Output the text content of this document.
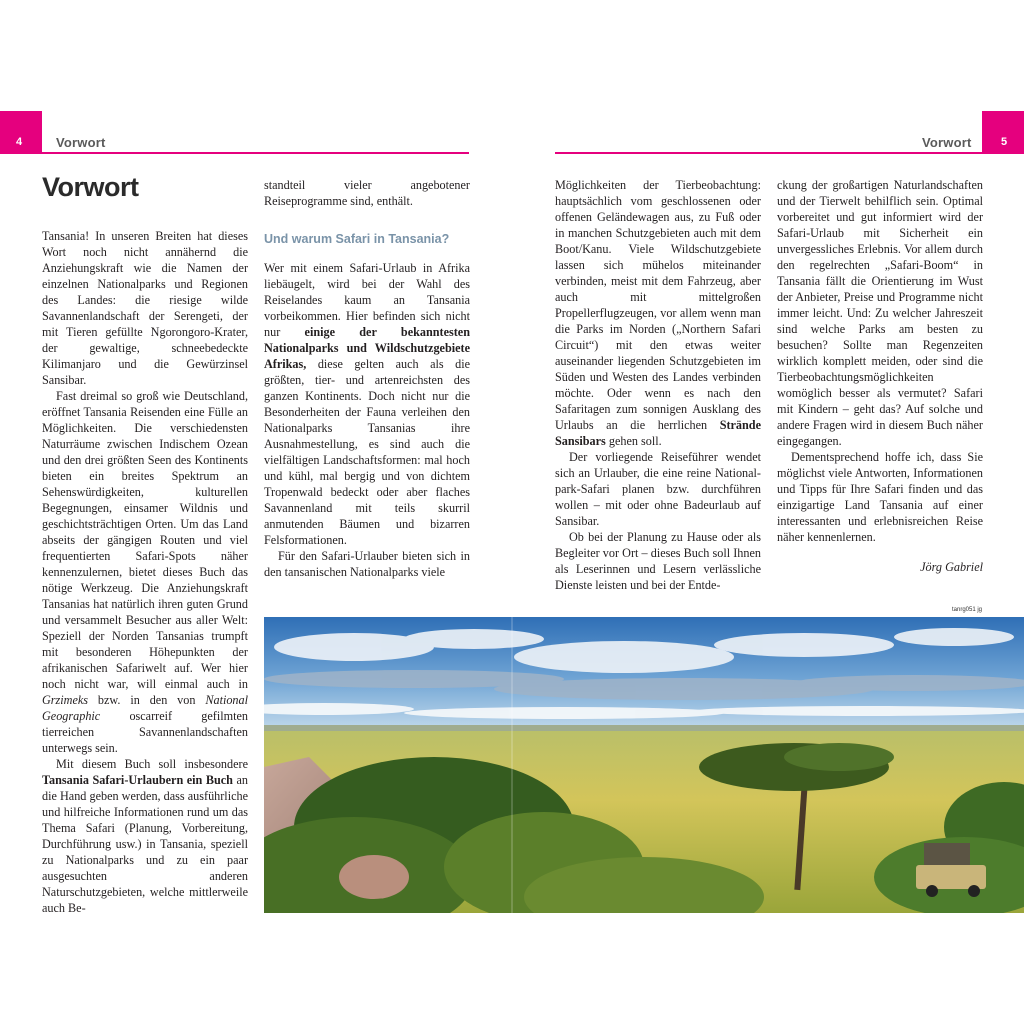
4	5
Vorwort	Vorwort
Vorwort

Tansania! In unseren Breiten hat dieses Wort noch nicht annähernd die Anziehungskraft wie die Namen der einzelnen Nationalparks und Regionen des Landes: die riesige wilde Savannenlandschaft der Serengeti, der mit Tieren gefüllte Ngorongoro-Krater, der gewaltige, schneebedeckte Kilimanjaro und die Gewürzinsel Sansibar.

Fast dreimal so groß wie Deutschland, eröffnet Tansania Reisenden eine Fülle an Möglichkeiten. Die verschiedensten Naturräume zwischen Indischem Ozean und den drei größten Seen des Kontinents bieten ein breites Spektrum an Sehenswürdigkeiten, kulturellen Begegnungen, einsamer Wildnis und geschichtsträchtigen Orten. Um das Land abseits der gängigen Routen und viel frequentierten Safari-Spots näher kennenzulernen, bietet dieses Buch das nötige Werkzeug. Die Anziehungskraft Tansanias hat natürlich ihren guten Grund und versammelt Besucher aus aller Welt: Speziell der Norden Tansanias trumpft mit besonderen Höhepunkten der afrikanischen Safariwelt auf. Wer hier noch nicht war, will einmal auch in Grzimeks bzw. in den von National Geographic oscarreif gefilmten tierreichen Savannenlandschaften unterwegs sein.

Mit diesem Buch soll insbesondere Tansania Safari-Urlaubern ein Buch an die Hand geben werden, dass ausführliche und hilfreiche Informationen rund um das Thema Safari (Planung, Vorbereitung, Durchführung usw.) in Tansania, speziell zu Nationalparks und zu ein paar ausgesuchten anderen Naturschutzgebieten, welche mittlerweile auch Be-

standteil vieler angebotener Reiseprogramme sind, enthält.

Und warum Safari in Tansania?

Wer mit einem Safari-Urlaub in Afrika liebäugelt, wird bei der Wahl des Reiselandes kaum an Tansania vorbeikommen. Hier befinden sich nicht nur einige der bekanntesten Nationalparks und Wildschutzgebiete Afrikas, diese gelten auch als die größten, tier- und artenreichsten des ganzen Kontinents. Doch nicht nur die Besonderheiten der Fauna verleihen den Nationalparks Tansanias ihre Ausnahmestellung, es sind auch die vielfältigen Landschaftsformen: mal hoch und kühl, mal bergig und von dichtem Tropenwald bedeckt oder aber flaches Savannenland mit teils skurril anmutenden Bäumen und bizarren Felsformationen.

Für den Safari-Urlauber bieten sich in den tansanischen Nationalparks viele

Möglichkeiten der Tierbeobachtung: hauptsächlich vom geschlossenen oder offenen Geländewagen aus, zu Fuß oder in manchen Schutzgebieten auch mit dem Boot/Kanu. Viele Wildschutzgebiete lassen sich mühelos miteinander verbinden, meist mit dem Fahrzeug, aber auch mit mittelgroßen Propellerflugzeugen, vor allem wenn man die Parks im Norden („Northern Safari Circuit“) mit den etwas weiter auseinander liegenden Schutzgebieten im Süden und Westen des Landes verbinden möchte. Oder wenn es nach den Safaritagen zum sonnigen Ausklang des Urlaubs an die herrlichen Strände Sansibars gehen soll.

Der vorliegende Reiseführer wendet sich an Urlauber, die eine reine National-park-Safari planen bzw. durchführen wollen – mit oder ohne Badeurlaub auf Sansibar.

Ob bei der Planung zu Hause oder als Begleiter vor Ort – dieses Buch soll Ihnen als Leserinnen und Lesern verlässliche Dienste leisten und bei der Entde-

ckung der großartigen Naturlandschaften und der Tierwelt behilflich sein. Optimal vorbereitet und gut informiert wird der Safari-Urlaub mit Sicherheit ein unvergessliches Erlebnis. Vor allem durch den regelrechten „Safari-Boom“ in Tansania fällt die Orientierung im Wust der Anbieter, Preise und Programme nicht immer leicht. Und: Zu welcher Jahreszeit sind welche Parks am besten zu besuchen? Sollte man Regenzeiten wirklich komplett meiden, oder sind die Tierbeobachtungsmöglichkeiten womöglich besser als vermutet? Safari mit Kindern – geht das? Auf solche und andere Fragen wird in diesem Buch näher eingegangen.

Dementsprechend hoffe ich, dass Sie möglichst viele Antworten, Informationen und Tipps für Ihre Safari finden und das einzigartige Land Tansania auf einer interessanten und erlebnisreichen Reise näher kennenlernen.

Jörg Gabriel

tanrg051 jg
